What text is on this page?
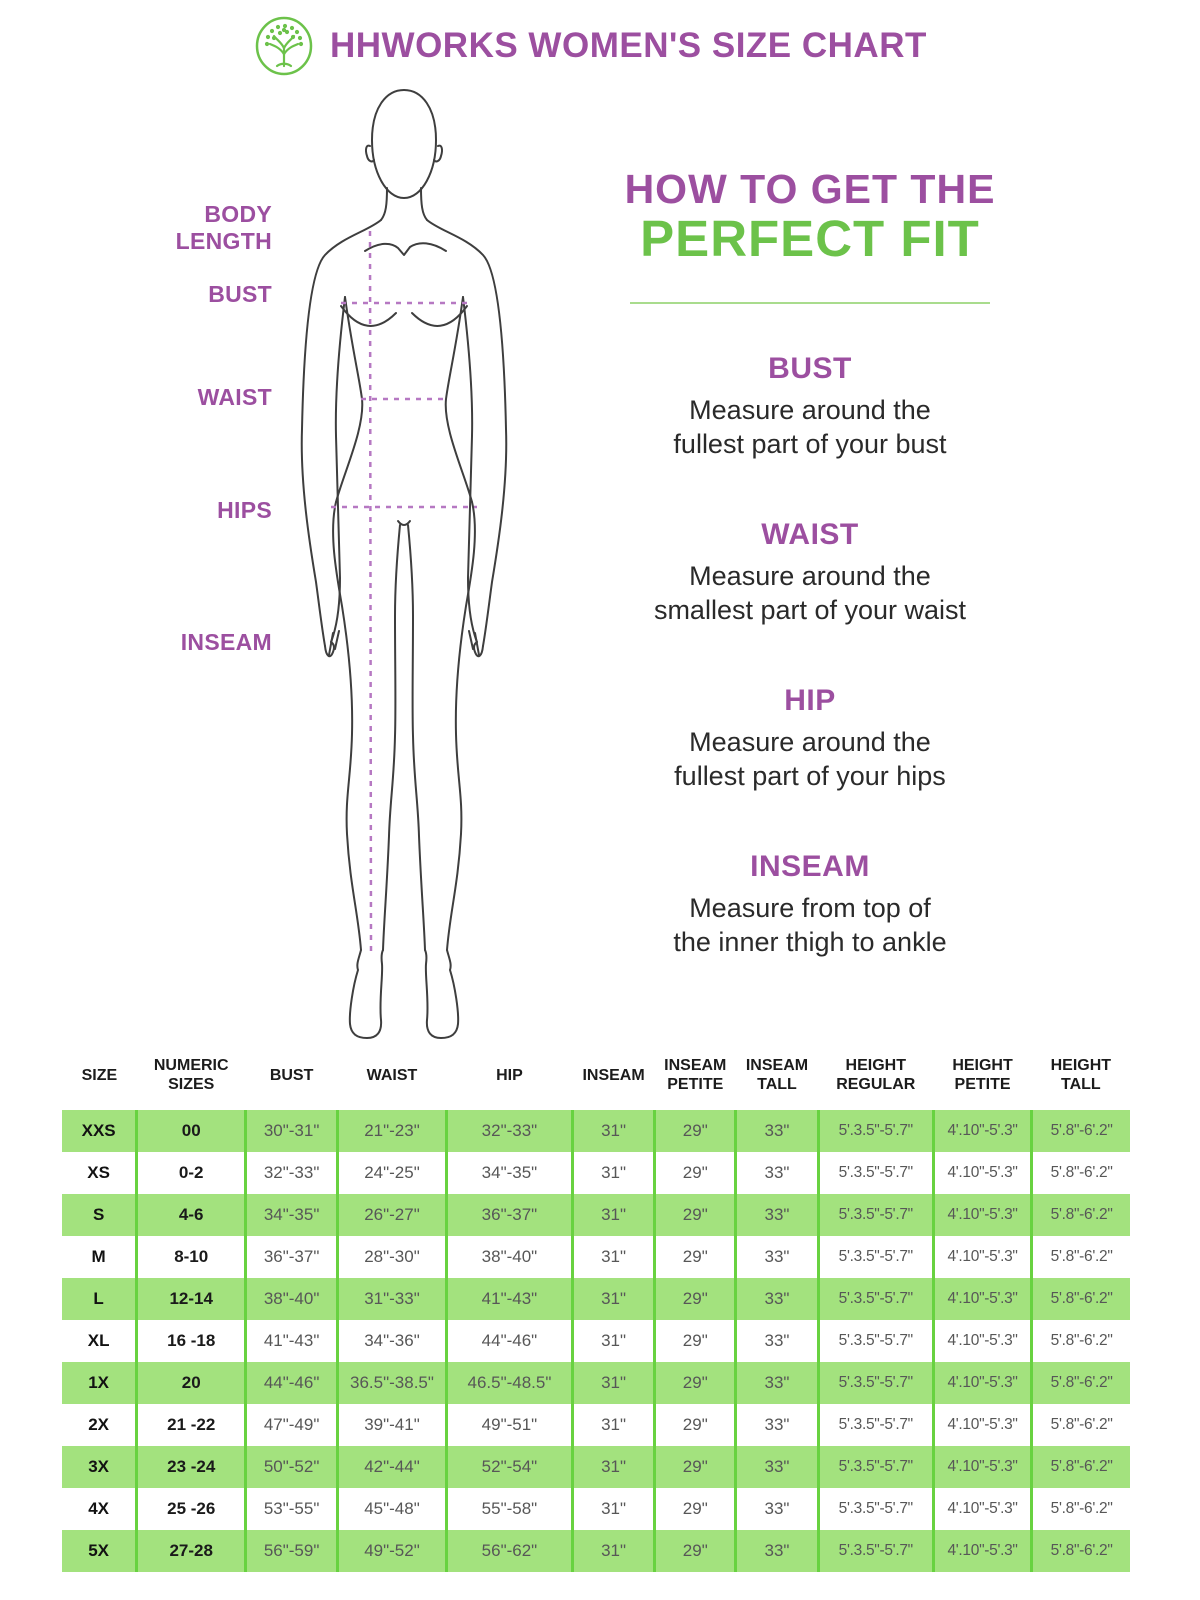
HHWORKS WOMEN'S SIZE CHART
BODY LENGTH
BUST
WAIST
HIPS
INSEAM
HOW TO GET THE
PERFECT FIT
BUST
Measure around the
fullest part of your bust
WAIST
Measure around the
smallest part of your waist
HIP
Measure around the
fullest part of your hips
INSEAM
Measure from top of
the inner thigh to ankle
SIZE	NUMERIC SIZES	BUST	WAIST	HIP	INSEAM	INSEAM PETITE	INSEAM TALL	HEIGHT REGULAR	HEIGHT PETITE	HEIGHT TALL
XXS	00	30"-31"	21"-23"	32"-33"	31"	29"	33"	5'.3.5"-5'.7"	4'.10"-5'.3"	5'.8"-6'.2"
XS	0-2	32"-33"	24"-25"	34"-35"	31"	29"	33"	5'.3.5"-5'.7"	4'.10"-5'.3"	5'.8"-6'.2"
S	4-6	34"-35"	26"-27"	36"-37"	31"	29"	33"	5'.3.5"-5'.7"	4'.10"-5'.3"	5'.8"-6'.2"
M	8-10	36"-37"	28"-30"	38"-40"	31"	29"	33"	5'.3.5"-5'.7"	4'.10"-5'.3"	5'.8"-6'.2"
L	12-14	38"-40"	31"-33"	41"-43"	31"	29"	33"	5'.3.5"-5'.7"	4'.10"-5'.3"	5'.8"-6'.2"
XL	16 -18	41"-43"	34"-36"	44"-46"	31"	29"	33"	5'.3.5"-5'.7"	4'.10"-5'.3"	5'.8"-6'.2"
1X	20	44"-46"	36.5"-38.5"	46.5"-48.5"	31"	29"	33"	5'.3.5"-5'.7"	4'.10"-5'.3"	5'.8"-6'.2"
2X	21 -22	47"-49"	39"-41"	49"-51"	31"	29"	33"	5'.3.5"-5'.7"	4'.10"-5'.3"	5'.8"-6'.2"
3X	23 -24	50"-52"	42"-44"	52"-54"	31"	29"	33"	5'.3.5"-5'.7"	4'.10"-5'.3"	5'.8"-6'.2"
4X	25 -26	53"-55"	45"-48"	55"-58"	31"	29"	33"	5'.3.5"-5'.7"	4'.10"-5'.3"	5'.8"-6'.2"
5X	27-28	56"-59"	49"-52"	56"-62"	31"	29"	33"	5'.3.5"-5'.7"	4'.10"-5'.3"	5'.8"-6'.2"
